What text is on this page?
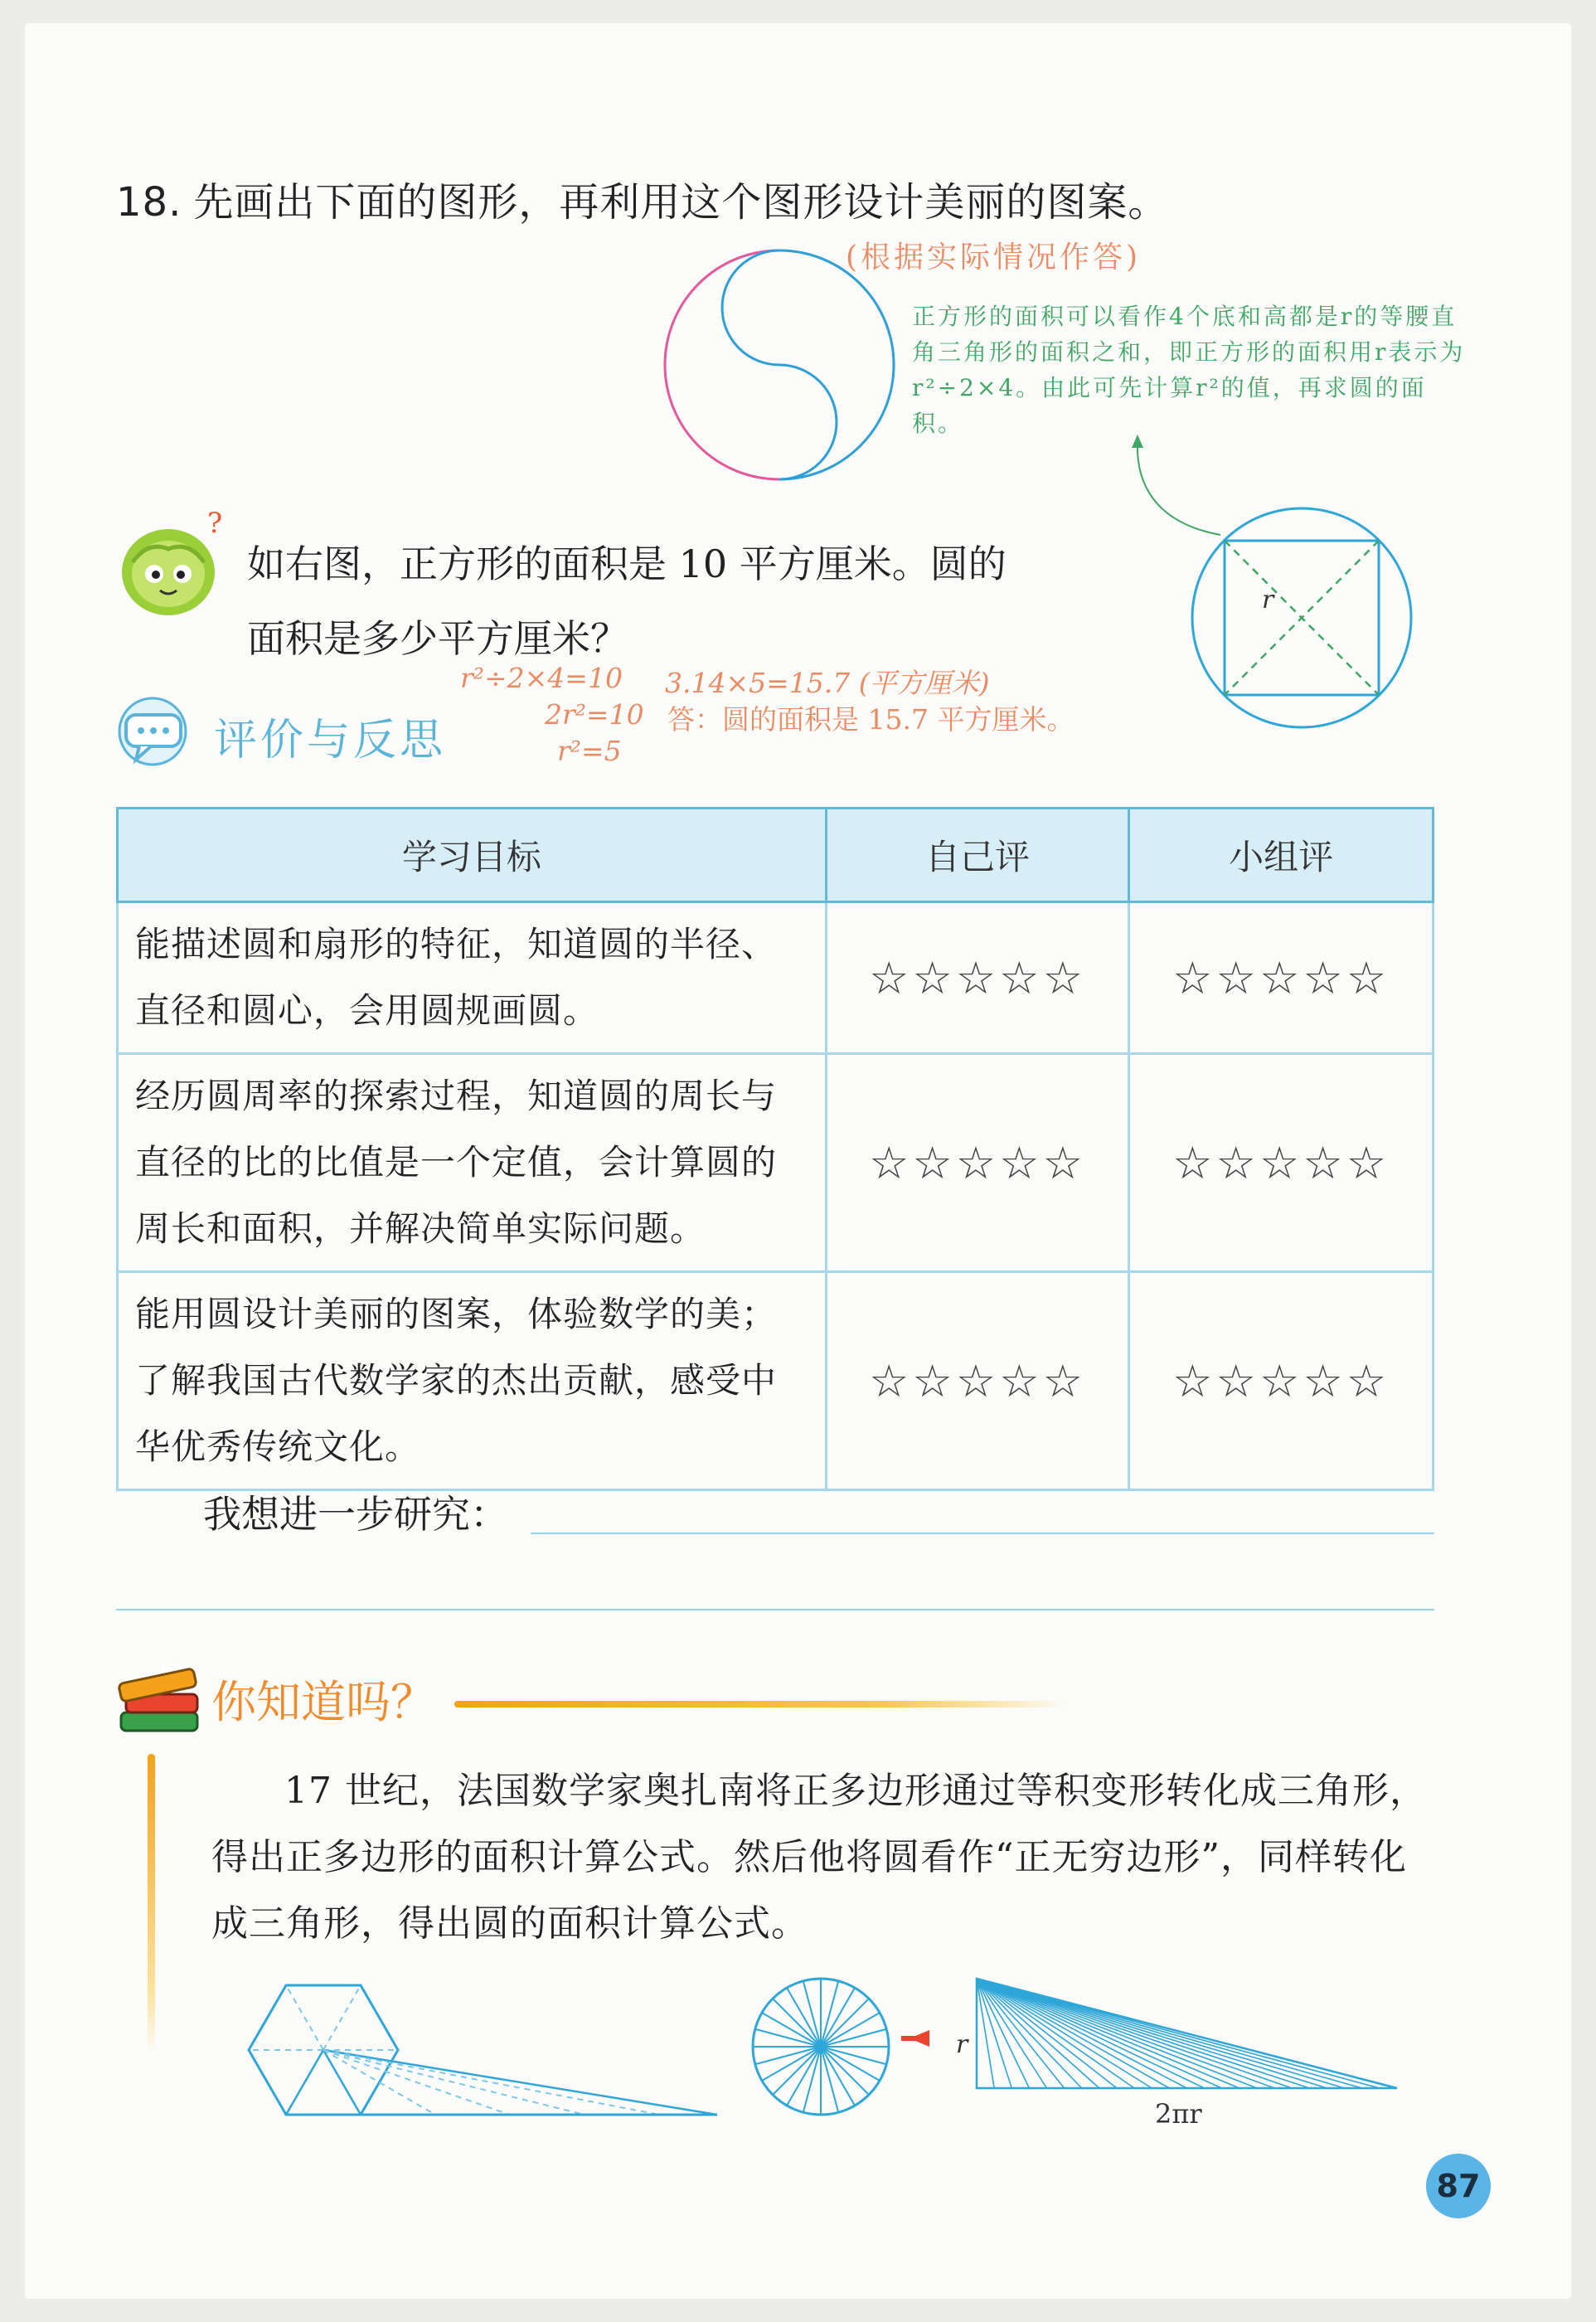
18. 先画出下面的图形，再利用这个图形设计美丽的图案。
(根据实际情况作答)
正方形的面积可以看作4个底和高都是r的等腰直角三角形的面积之和，即正方形的面积用r表示为r²÷2×4。由此可先计算r²的值，再求圆的面积。
r
?
如右图，正方形的面积是 10 平方厘米。圆的
面积是多少平方厘米？
r²÷2×4=10
2r²=10
r²=5
3.14×5=15.7 (平方厘米)
答：圆的面积是 15.7 平方厘米。
评价与反思
学习目标	自己评	小组评
能描述圆和扇形的特征，知道圆的半径、直径和圆心，会用圆规画圆。	☆☆☆☆☆	☆☆☆☆☆
经历圆周率的探索过程，知道圆的周长与直径的比的比值是一个定值，会计算圆的周长和面积，并解决简单实际问题。	☆☆☆☆☆	☆☆☆☆☆
能用圆设计美丽的图案，体验数学的美；了解我国古代数学家的杰出贡献，感受中华优秀传统文化。	☆☆☆☆☆	☆☆☆☆☆
我想进一步研究：
你知道吗？
17 世纪，法国数学家奥扎南将正多边形通过等积变形转化成三角形，得出正多边形的面积计算公式。然后他将圆看作“正无穷边形”，同样转化成三角形，得出圆的面积计算公式。
r
2πr
87
